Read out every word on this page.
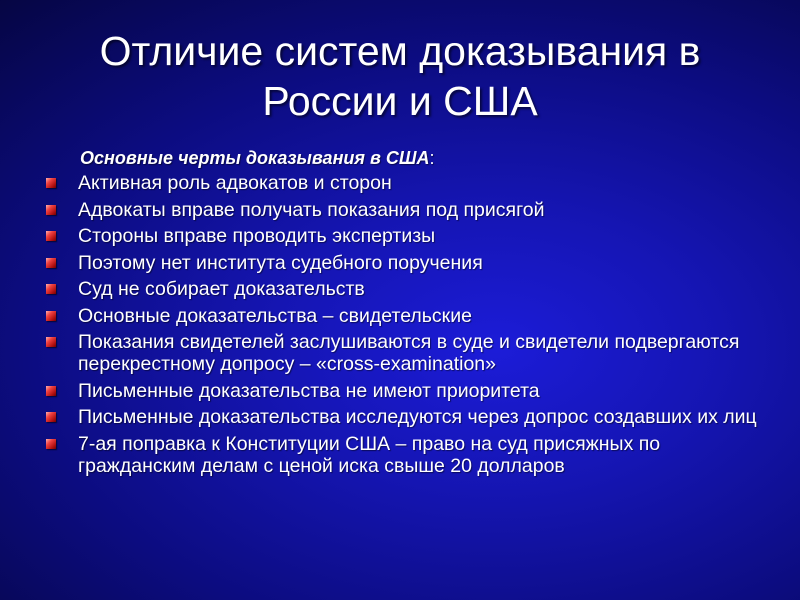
Отличие систем доказывания в России и США
Основные черты доказывания в США:
Активная роль адвокатов и сторон
Адвокаты вправе получать показания под присягой
Стороны вправе проводить экспертизы
Поэтому нет института судебного поручения
Суд не собирает доказательств
Основные доказательства – свидетельские
Показания свидетелей заслушиваются в суде и свидетели подвергаются перекрестному допросу – «cross-examination»
Письменные доказательства не имеют приоритета
Письменные доказательства исследуются через допрос создавших их лиц
7-ая поправка к Конституции США – право на суд присяжных по гражданским делам с ценой иска свыше 20 долларов
